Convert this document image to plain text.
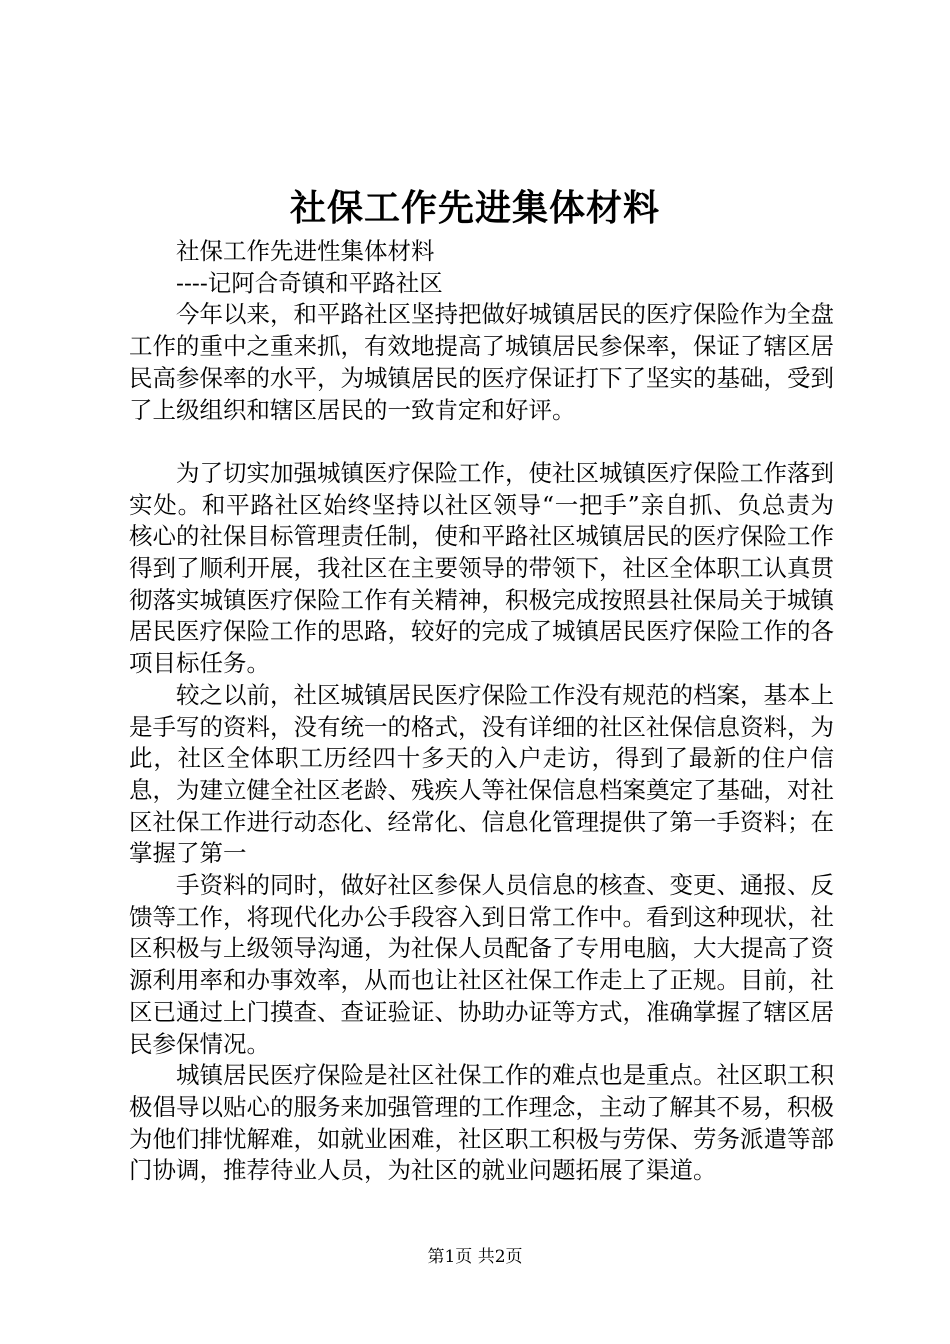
社保工作先进集体材料

社保工作先进性集体材料

----记阿合奇镇和平路社区

今年以来，和平路社区坚持把做好城镇居民的医疗保险作为全盘工作的重中之重来抓，有效地提高了城镇居民参保率，保证了辖区居民高参保率的水平，为城镇居民的医疗保证打下了坚实的基础，受到了上级组织和辖区居民的一致肯定和好评。

为了切实加强城镇医疗保险工作，使社区城镇医疗保险工作落到实处。和平路社区始终坚持以社区领导“一把手”亲自抓、负总责为核心的社保目标管理责任制，使和平路社区城镇居民的医疗保险工作得到了顺利开展，我社区在主要领导的带领下，社区全体职工认真贯彻落实城镇医疗保险工作有关精神，积极完成按照县社保局关于城镇居民医疗保险工作的思路，较好的完成了城镇居民医疗保险工作的各项目标任务。

较之以前，社区城镇居民医疗保险工作没有规范的档案，基本上是手写的资料，没有统一的格式，没有详细的社区社保信息资料，为此，社区全体职工历经四十多天的入户走访，得到了最新的住户信息，为建立健全社区老龄、残疾人等社保信息档案奠定了基础，对社区社保工作进行动态化、经常化、信息化管理提供了第一手资料；在掌握了第一

手资料的同时，做好社区参保人员信息的核查、变更、通报、反馈等工作，将现代化办公手段容入到日常工作中。看到这种现状，社区积极与上级领导沟通，为社保人员配备了专用电脑，大大提高了资源利用率和办事效率，从而也让社区社保工作走上了正规。目前，社区已通过上门摸查、查证验证、协助办证等方式，准确掌握了辖区居民参保情况。

城镇居民医疗保险是社区社保工作的难点也是重点。社区职工积极倡导以贴心的服务来加强管理的工作理念，主动了解其不易，积极为他们排忧解难，如就业困难，社区职工积极与劳保、劳务派遣等部门协调，推荐待业人员，为社区的就业问题拓展了渠道。

第1页 共2页
